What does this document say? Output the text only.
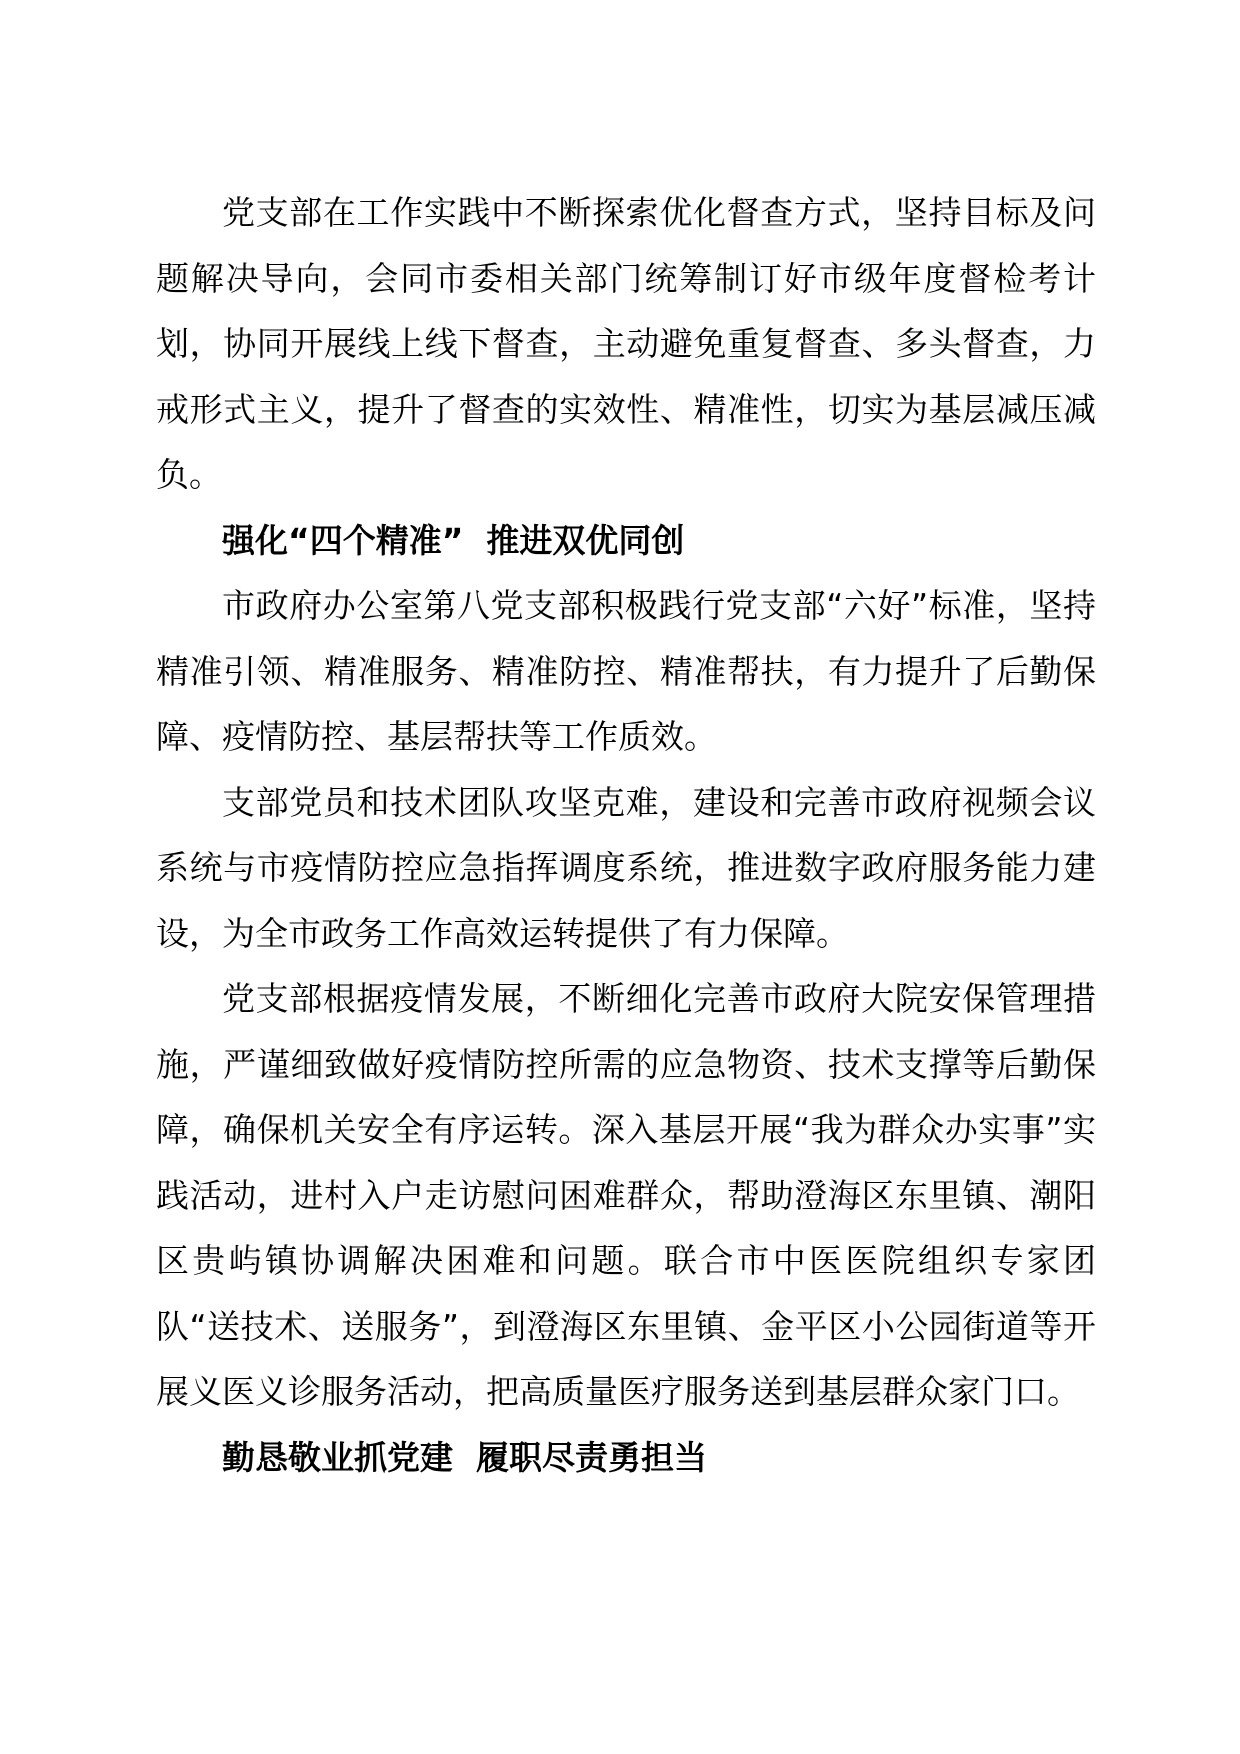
党支部在工作实践中不断探索优化督查方式，坚持目标及问题解决导向，会同市委相关部门统筹制订好市级年度督检考计划，协同开展线上线下督查，主动避免重复督查、多头督查，力戒形式主义，提升了督查的实效性、精准性，切实为基层减压减负。

强化“四个精准”  推进双优同创

市政府办公室第八党支部积极践行党支部“六好”标准，坚持精准引领、精准服务、精准防控、精准帮扶，有力提升了后勤保障、疫情防控、基层帮扶等工作质效。

支部党员和技术团队攻坚克难，建设和完善市政府视频会议系统与市疫情防控应急指挥调度系统，推进数字政府服务能力建设，为全市政务工作高效运转提供了有力保障。

党支部根据疫情发展，不断细化完善市政府大院安保管理措施，严谨细致做好疫情防控所需的应急物资、技术支撑等后勤保障，确保机关安全有序运转。深入基层开展“我为群众办实事”实践活动，进村入户走访慰问困难群众，帮助澄海区东里镇、潮阳区贵屿镇协调解决困难和问题。联合市中医医院组织专家团队“送技术、送服务”，到澄海区东里镇、金平区小公园街道等开展义医义诊服务活动，把高质量医疗服务送到基层群众家门口。

勤恳敬业抓党建  履职尽责勇担当
